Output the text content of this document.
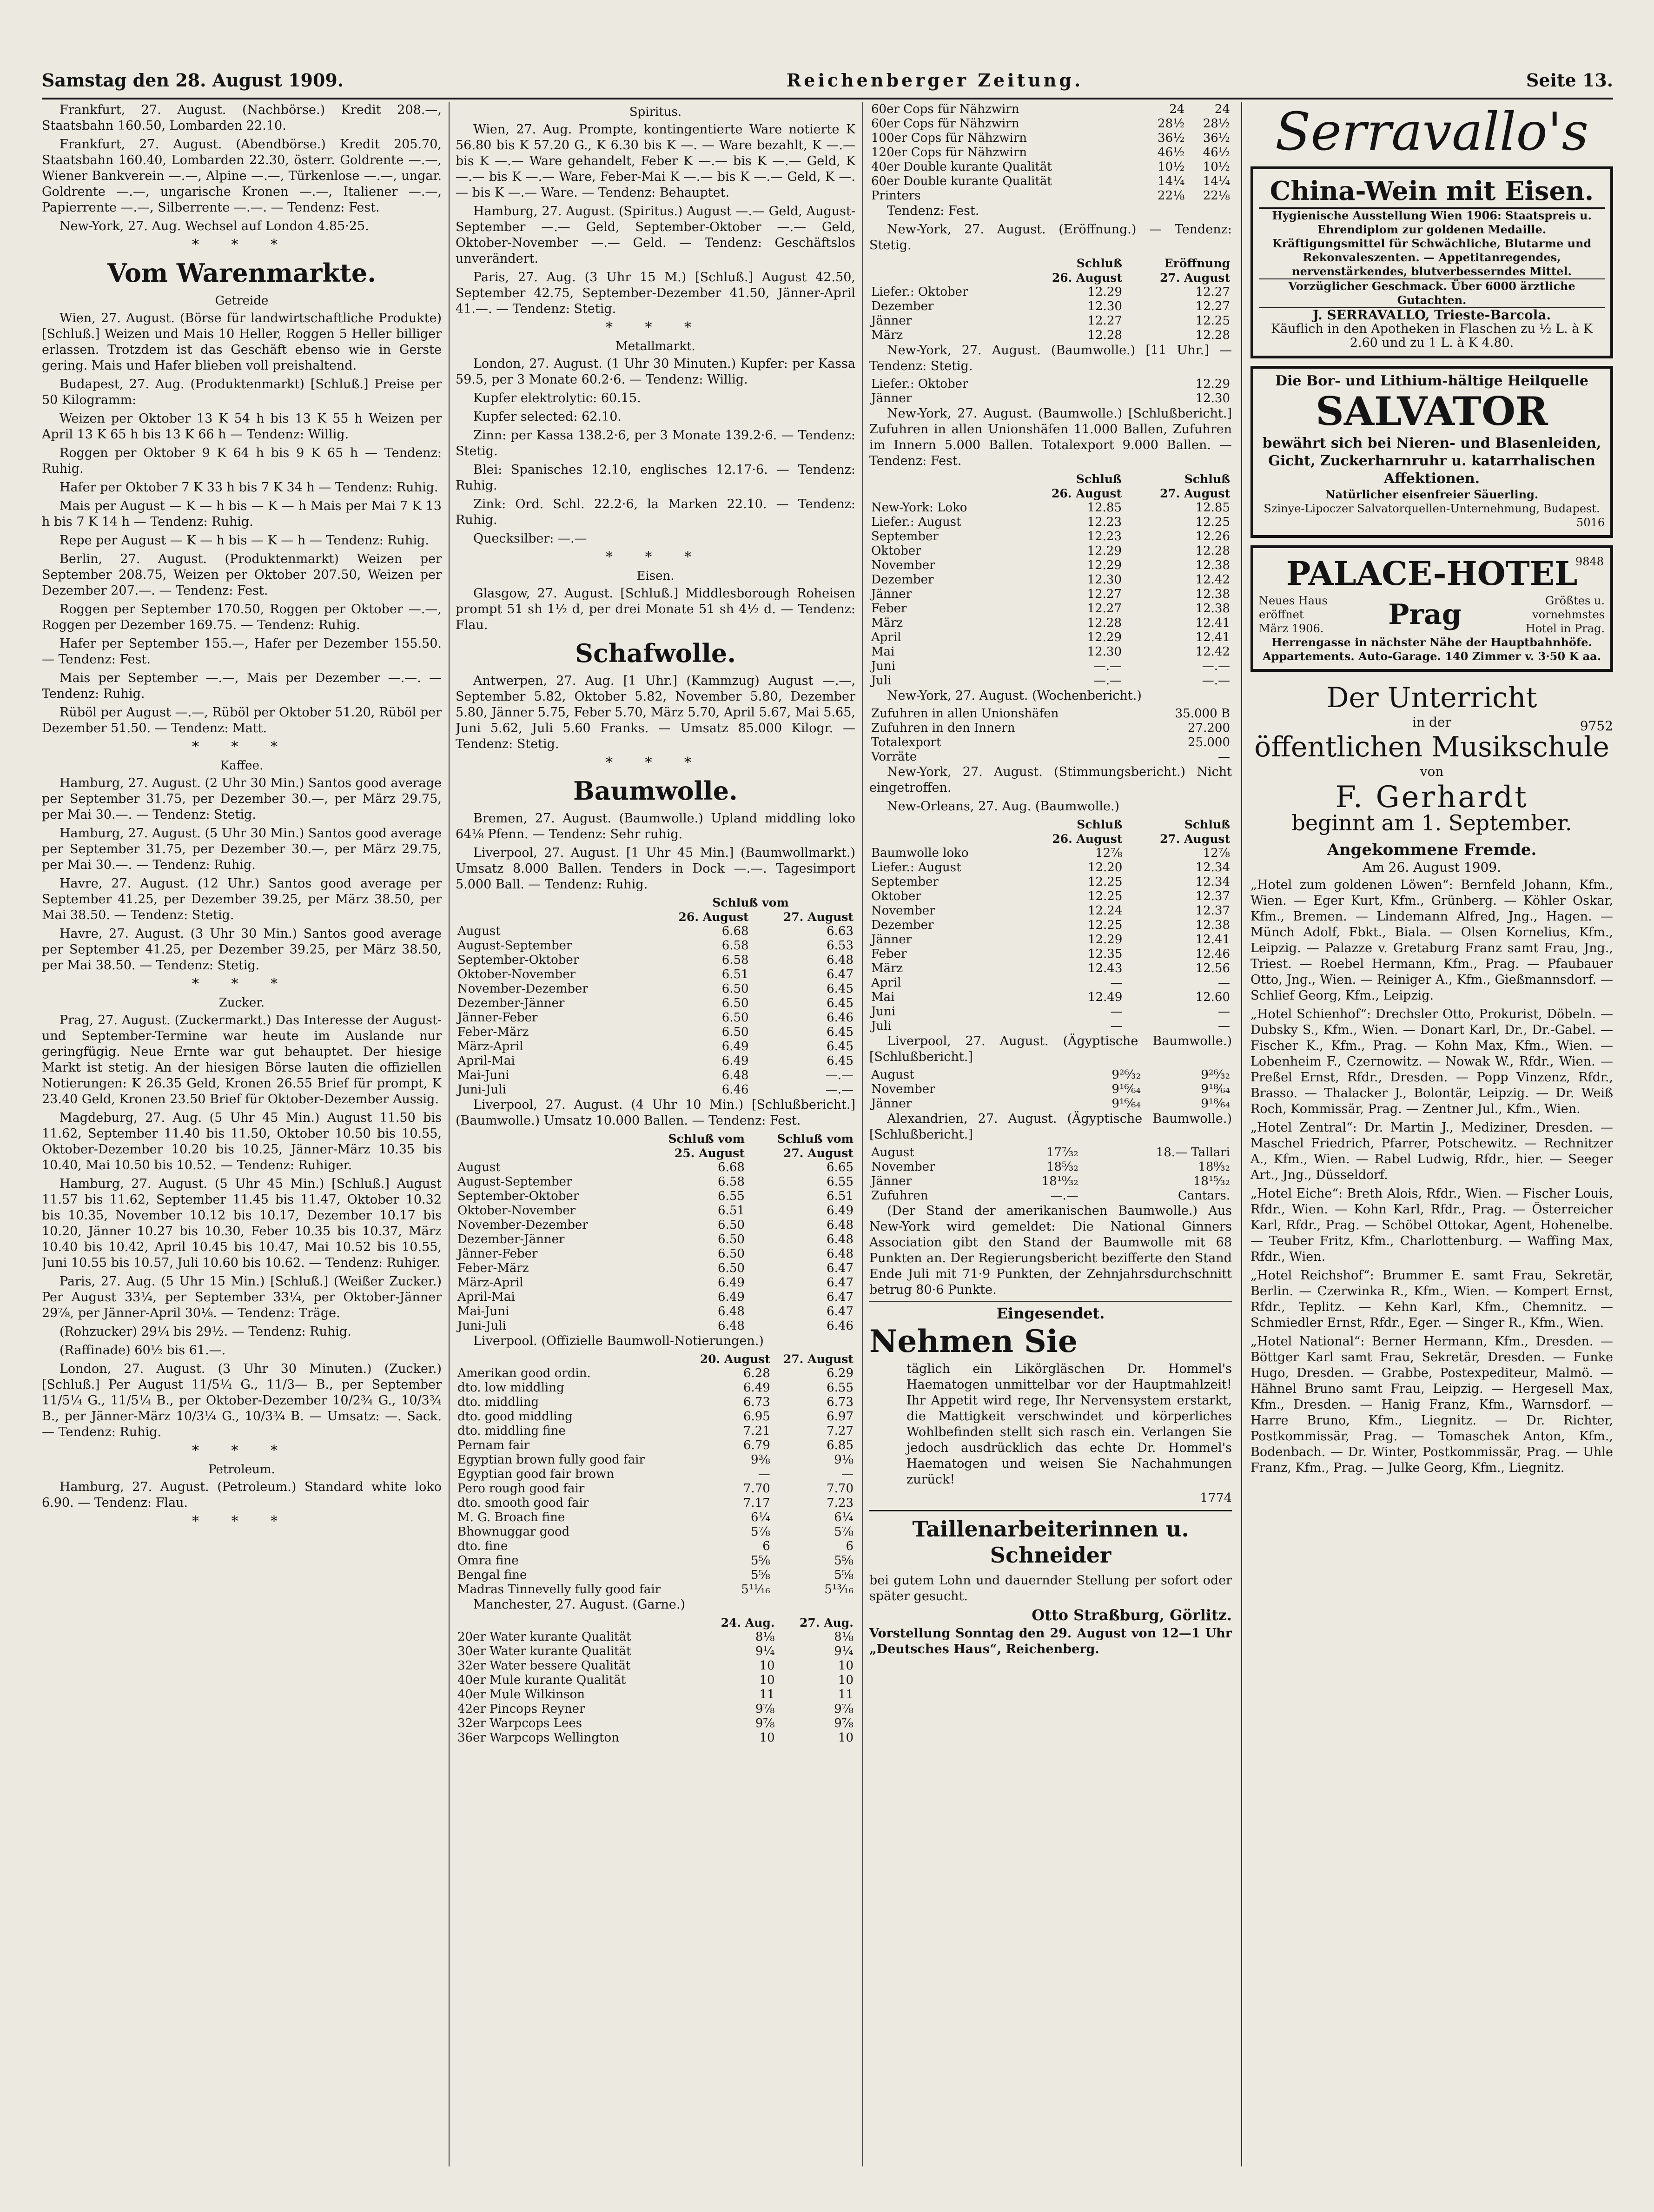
Samstag den 28. August 1909.	Reichenberger Zeitung.	Seite 13.

Frankfurt, 27. August. (Nachbörse.) Kredit 208.—, Staatsbahn 160.50, Lombarden 22.10.

Frankfurt, 27. August. (Abendbörse.) Kredit 205.70, Staatsbahn 160.40, Lombarden 22.30, österr. Goldrente —.—, Wiener Bankverein —.—, Alpine —.—, Türkenlose —.—, ungar. Goldrente —.—, ungarische Kronen —.—, Italiener —.—, Papierrente —.—, Silberrente —.—. — Tendenz: Fest.

New-York, 27. Aug. Wechsel auf London 4.85·25.

* * *
Vom Warenmarkte.
Getreide

Wien, 27. August. (Börse für landwirtschaftliche Produkte) [Schluß.] Weizen und Mais 10 Heller, Roggen 5 Heller billiger erlassen. Trotzdem ist das Geschäft ebenso wie in Gerste gering. Mais und Hafer blieben voll preishaltend.

Budapest, 27. Aug. (Produktenmarkt) [Schluß.] Preise per 50 Kilogramm:

Weizen per Oktober 13 K 54 h bis 13 K 55 h Weizen per April 13 K 65 h bis 13 K 66 h — Tendenz: Willig.

Roggen per Oktober 9 K 64 h bis 9 K 65 h — Tendenz: Ruhig.

Hafer per Oktober 7 K 33 h bis 7 K 34 h — Tendenz: Ruhig.

Mais per August — K — h bis — K — h Mais per Mai 7 K 13 h bis 7 K 14 h — Tendenz: Ruhig.

Repe per August — K — h bis — K — h — Tendenz: Ruhig.

Berlin, 27. August. (Produktenmarkt) Weizen per September 208.75, Weizen per Oktober 207.50, Weizen per Dezember 207.—. — Tendenz: Fest.

Roggen per September 170.50, Roggen per Oktober —.—, Roggen per Dezember 169.75. — Tendenz: Ruhig.

Hafer per September 155.—, Hafer per Dezember 155.50. — Tendenz: Fest.

Mais per September —.—, Mais per Dezember —.—. — Tendenz: Ruhig.

Rüböl per August —.—, Rüböl per Oktober 51.20, Rüböl per Dezember 51.50. — Tendenz: Matt.

* * *
Kaffee.

Hamburg, 27. August. (2 Uhr 30 Min.) Santos good average per September 31.75, per Dezember 30.—, per März 29.75, per Mai 30.—. — Tendenz: Stetig.

Hamburg, 27. August. (5 Uhr 30 Min.) Santos good average per September 31.75, per Dezember 30.—, per März 29.75, per Mai 30.—. — Tendenz: Ruhig.

Havre, 27. August. (12 Uhr.) Santos good average per September 41.25, per Dezember 39.25, per März 38.50, per Mai 38.50. — Tendenz: Stetig.

Havre, 27. August. (3 Uhr 30 Min.) Santos good average per September 41.25, per Dezember 39.25, per März 38.50, per Mai 38.50. — Tendenz: Stetig.

* * *
Zucker.

Prag, 27. August. (Zuckermarkt.) Das Interesse der August- und September-Termine war heute im Auslande nur geringfügig. Neue Ernte war gut behauptet. Der hiesige Markt ist stetig. An der hiesigen Börse lauten die offiziellen Notierungen: K 26.35 Geld, Kronen 26.55 Brief für prompt, K 23.40 Geld, Kronen 23.50 Brief für Oktober-Dezember Aussig.

Magdeburg, 27. Aug. (5 Uhr 45 Min.) August 11.50 bis 11.62, September 11.40 bis 11.50, Oktober 10.50 bis 10.55, Oktober-Dezember 10.20 bis 10.25, Jänner-März 10.35 bis 10.40, Mai 10.50 bis 10.52. — Tendenz: Ruhiger.

Hamburg, 27. August. (5 Uhr 45 Min.) [Schluß.] August 11.57 bis 11.62, September 11.45 bis 11.47, Oktober 10.32 bis 10.35, November 10.12 bis 10.17, Dezember 10.17 bis 10.20, Jänner 10.27 bis 10.30, Feber 10.35 bis 10.37, März 10.40 bis 10.42, April 10.45 bis 10.47, Mai 10.52 bis 10.55, Juni 10.55 bis 10.57, Juli 10.60 bis 10.62. — Tendenz: Ruhiger.

Paris, 27. Aug. (5 Uhr 15 Min.) [Schluß.] (Weißer Zucker.) Per August 33¼, per September 33¼, per Oktober-Jänner 29⅞, per Jänner-April 30⅛. — Tendenz: Träge.

(Rohzucker) 29¼ bis 29½. — Tendenz: Ruhig.

(Raffinade) 60½ bis 61.—.

London, 27. August. (3 Uhr 30 Minuten.) (Zucker.) [Schluß.] Per August 11/5¼ G., 11/3— B., per September 11/5¼ G., 11/5¼ B., per Oktober-Dezember 10/2¾ G., 10/3¾ B., per Jänner-März 10/3¼ G., 10/3¾ B. — Umsatz: —. Sack. — Tendenz: Ruhig.

* * *
Petroleum.

Hamburg, 27. August. (Petroleum.) Standard white loko 6.90. — Tendenz: Flau.

* * *
Spiritus.

Wien, 27. Aug. Prompte, kontingentierte Ware notierte K 56.80 bis K 57.20 G., K 6.30 bis K —. — Ware bezahlt, K —.— bis K —.— Ware gehandelt, Feber K —.— bis K —.— Geld, K —.— bis K —.— Ware, Feber-Mai K —.— bis K —.— Geld, K —.— bis K —.— Ware. — Tendenz: Behauptet.

Hamburg, 27. August. (Spiritus.) August —.— Geld, August-September —.— Geld, September-Oktober —.— Geld, Oktober-November —.— Geld. — Tendenz: Geschäftslos unverändert.

Paris, 27. Aug. (3 Uhr 15 M.) [Schluß.] August 42.50, September 42.75, September-Dezember 41.50, Jänner-April 41.—. — Tendenz: Stetig.

* * *
Metallmarkt.

London, 27. August. (1 Uhr 30 Minuten.) Kupfer: per Kassa 59.5, per 3 Monate 60.2·6. — Tendenz: Willig.

Kupfer elektrolytic: 60.15.

Kupfer selected: 62.10.

Zinn: per Kassa 138.2·6, per 3 Monate 139.2·6. — Tendenz: Stetig.

Blei: Spanisches 12.10, englisches 12.17·6. — Tendenz: Ruhig.

Zink: Ord. Schl. 22.2·6, la Marken 22.10. — Tendenz: Ruhig.

Quecksilber: —.—

* * *
Eisen.

Glasgow, 27. August. [Schluß.] Middlesborough Roheisen prompt 51 sh 1½ d, per drei Monate 51 sh 4½ d. — Tendenz: Flau.

Schafwolle.

Antwerpen, 27. Aug. [1 Uhr.] (Kammzug) August —.—, September 5.82, Oktober 5.82, November 5.80, Dezember 5.80, Jänner 5.75, Feber 5.70, März 5.70, April 5.67, Mai 5.65, Juni 5.62, Juli 5.60 Franks. — Umsatz 85.000 Kilogr. — Tendenz: Stetig.

* * *
Baumwolle.

Bremen, 27. August. (Baumwolle.) Upland middling loko 64⅛ Pfenn. — Tendenz: Sehr ruhig.

Liverpool, 27. August. [1 Uhr 45 Min.] (Baumwollmarkt.) Umsatz 8.000 Ballen. Tenders in Dock —.—. Tagesimport 5.000 Ball. — Tendenz: Ruhig.

	Schluß vom	
	26. August	27. August
August	6.68	6.63
August-September	6.58	6.53
September-Oktober	6.58	6.48
Oktober-November	6.51	6.47
November-Dezember	6.50	6.45
Dezember-Jänner	6.50	6.45
Jänner-Feber	6.50	6.46
Feber-März	6.50	6.45
März-April	6.49	6.45
April-Mai	6.49	6.45
Mai-Juni	6.48	—.—
Juni-Juli	6.46	—.—

Liverpool, 27. August. (4 Uhr 10 Min.) [Schlußbericht.] (Baumwolle.) Umsatz 10.000 Ballen. — Tendenz: Fest.

	Schluß vom	Schluß vom
	25. August	27. August
August	6.68	6.65
August-September	6.58	6.55
September-Oktober	6.55	6.51
Oktober-November	6.51	6.49
November-Dezember	6.50	6.48
Dezember-Jänner	6.50	6.48
Jänner-Feber	6.50	6.48
Feber-März	6.50	6.47
März-April	6.49	6.47
April-Mai	6.49	6.47
Mai-Juni	6.48	6.47
Juni-Juli	6.48	6.46

Liverpool. (Offizielle Baumwoll-Notierungen.)

	20. August	27. August
Amerikan good ordin.	6.28	6.29
dto. low middling	6.49	6.55
dto. middling	6.73	6.73
dto. good middling	6.95	6.97
dto. middling fine	7.21	7.27
Pernam fair	6.79	6.85
Egyptian brown fully good fair	9⅜	9⅛
Egyptian good fair brown	—	—
Pero rough good fair	7.70	7.70
dto. smooth good fair	7.17	7.23
M. G. Broach fine	6¼	6¼
Bhownuggar good	5⅞	5⅞
dto. fine	6	6
Omra fine	5⅝	5⅝
Bengal fine	5⅝	5⅝
Madras Tinnevelly fully good fair	5¹¹⁄₁₆	5¹³⁄₁₆

Manchester, 27. August. (Garne.)

	24. Aug.	27. Aug.
20er Water kurante Qualität	8⅛	8⅛
30er Water kurante Qualität	9¼	9¼
32er Water bessere Qualität	10	10
40er Mule kurante Qualität	10	10
40er Mule Wilkinson	11	11
42er Pincops Reyner	9⅞	9⅞
32er Warpcops Lees	9⅞	9⅞
36er Warpcops Wellington	10	10
60er Cops für Nähzwirn	24	24
60er Cops für Nähzwirn	28½	28½
100er Cops für Nähzwirn	36½	36½
120er Cops für Nähzwirn	46½	46½
40er Double kurante Qualität	10½	10½
60er Double kurante Qualität	14¼	14¼
Printers	22⅛	22⅛

Tendenz: Fest.

New-York, 27. August. (Eröffnung.) — Tendenz: Stetig.

	Schluß	Eröffnung
	26. August	27. August
Liefer.: Oktober	12.29	12.27
Dezember	12.30	12.27
Jänner	12.27	12.25
März	12.28	12.28

New-York, 27. August. (Baumwolle.) [11 Uhr.] — Tendenz: Stetig.

Liefer.: Oktober	12.29
Jänner	12.30

New-York, 27. August. (Baumwolle.) [Schlußbericht.] Zufuhren in allen Unionshäfen 11.000 Ballen, Zufuhren im Innern 5.000 Ballen. Totalexport 9.000 Ballen. — Tendenz: Fest.

	Schluß	Schluß
	26. August	27. August
New-York: Loko	12.85	12.85
Liefer.: August	12.23	12.25
September	12.23	12.26
Oktober	12.29	12.28
November	12.29	12.38
Dezember	12.30	12.42
Jänner	12.27	12.38
Feber	12.27	12.38
März	12.28	12.41
April	12.29	12.41
Mai	12.30	12.42
Juni	—.—	—.—
Juli	—.—	—.—

New-York, 27. August. (Wochenbericht.)

Zufuhren in allen Unionshäfen	35.000 B
Zufuhren in den Innern	27.200
Totalexport	25.000
Vorräte	—

New-York, 27. August. (Stimmungsbericht.) Nicht eingetroffen.

New-Orleans, 27. Aug. (Baumwolle.)

	Schluß	Schluß
	26. August	27. August
Baumwolle loko	12⅞	12⅞
Liefer.: August	12.20	12.34
September	12.25	12.34
Oktober	12.25	12.37
November	12.24	12.37
Dezember	12.25	12.38
Jänner	12.29	12.41
Feber	12.35	12.46
März	12.43	12.56
April	—	—
Mai	12.49	12.60
Juni	—	—
Juli	—	—

Liverpool, 27. August. (Ägyptische Baumwolle.) [Schlußbericht.]

August	9²⁶⁄₃₂	9²⁶⁄₃₂
November	9¹⁶⁄₆₄	9¹⁸⁄₆₄
Jänner	9¹⁶⁄₆₄	9¹⁸⁄₆₄

Alexandrien, 27. August. (Ägyptische Baumwolle.) [Schlußbericht.]

August	17⁷⁄₃₂	18.— Tallari
November	18⁵⁄₃₂	18⁸⁄₃₂
Jänner	18¹⁰⁄₃₂	18¹⁵⁄₃₂
Zufuhren	—.—	Cantars.

(Der Stand der amerikanischen Baumwolle.) Aus New-York wird gemeldet: Die National Ginners Association gibt den Stand der Baumwolle mit 68 Punkten an. Der Regierungsbericht bezifferte den Stand Ende Juli mit 71·9 Punkten, der Zehnjahrsdurchschnitt betrug 80·6 Punkte.

Eingesendet.
Nehmen Sie

täglich ein Likörgläschen Dr. Hommel's Haematogen unmittelbar vor der Hauptmahlzeit! Ihr Appetit wird rege, Ihr Nervensystem erstarkt, die Mattigkeit verschwindet und körperliches Wohlbefinden stellt sich rasch ein. Verlangen Sie jedoch ausdrücklich das echte Dr. Hommel's Haematogen und weisen Sie Nachahmungen zurück!

1774

Taillenarbeiterinnen u. Schneider

bei gutem Lohn und dauernder Stellung per sofort oder später gesucht.

Otto Straßburg, Görlitz.

Vorstellung Sonntag den 29. August von 12—1 Uhr „Deutsches Haus“, Reichenberg.

Serravallo's
China-Wein mit Eisen.
Hygienische Ausstellung Wien 1906: Staatspreis u. Ehrendiplom zur goldenen Medaille.
Kräftigungsmittel für Schwächliche, Blutarme und Rekonvaleszenten. — Appetitanregendes, nervenstärkendes, blutverbesserndes Mittel.
Vorzüglicher Geschmack. Über 6000 ärztliche Gutachten.
J. SERRAVALLO, Trieste-Barcola.
Käuflich in den Apotheken in Flaschen zu ½ L. à K 2.60 und zu 1 L. à K 4.80.
Die Bor- und Lithium-hältige Heilquelle
SALVATOR
bewährt sich bei Nieren- und Blasenleiden, Gicht, Zuckerharnruhr u. katarrhalischen Affektionen.
Natürlicher eisenfreier Säuerling.
Szinye-Lipoczer Salvatorquellen-Unternehmung, Budapest.
5016
9848
PALACE-HOTEL
Neues Haus eröffnet März 1906. Prag	Größtes u. vornehmstes Hotel in Prag.
Herrengasse in nächster Nähe der Hauptbahnhöfe. Appartements. Auto-Garage. 140 Zimmer v. 3·50 K aa.
Der Unterricht
in der	9752
öffentlichen Musikschule
von
F. Gerhardt
beginnt am 1. September.
Angekommene Fremde.
Am 26. August 1909.

„Hotel zum goldenen Löwen“: Bernfeld Johann, Kfm., Wien. — Eger Kurt, Kfm., Grünberg. — Köhler Oskar, Kfm., Bremen. — Lindemann Alfred, Jng., Hagen. — Münch Adolf, Fbkt., Biala. — Olsen Kornelius, Kfm., Leipzig. — Palazze v. Gretaburg Franz samt Frau, Jng., Triest. — Roebel Hermann, Kfm., Prag. — Pfaubauer Otto, Jng., Wien. — Reiniger A., Kfm., Gießmannsdorf. — Schlief Georg, Kfm., Leipzig.

„Hotel Schienhof“: Drechsler Otto, Prokurist, Döbeln. — Dubsky S., Kfm., Wien. — Donart Karl, Dr., Dr.-Gabel. — Fischer K., Kfm., Prag. — Kohn Max, Kfm., Wien. — Lobenheim F., Czernowitz. — Nowak W., Rfdr., Wien. — Preßel Ernst, Rfdr., Dresden. — Popp Vinzenz, Rfdr., Brasso. — Thalacker J., Bolontär, Leipzig. — Dr. Weiß Roch, Kommissär, Prag. — Zentner Jul., Kfm., Wien.

„Hotel Zentral“: Dr. Martin J., Mediziner, Dresden. — Maschel Friedrich, Pfarrer, Potschewitz. — Rechnitzer A., Kfm., Wien. — Rabel Ludwig, Rfdr., hier. — Seeger Art., Jng., Düsseldorf.

„Hotel Eiche“: Breth Alois, Rfdr., Wien. — Fischer Louis, Rfdr., Wien. — Kohn Karl, Rfdr., Prag. — Österreicher Karl, Rfdr., Prag. — Schöbel Ottokar, Agent, Hohenelbe. — Teuber Fritz, Kfm., Charlottenburg. — Waffing Max, Rfdr., Wien.

„Hotel Reichshof“: Brummer E. samt Frau, Sekretär, Berlin. — Czerwinka R., Kfm., Wien. — Kompert Ernst, Rfdr., Teplitz. — Kehn Karl, Kfm., Chemnitz. — Schmiedler Ernst, Rfdr., Eger. — Singer R., Kfm., Wien.

„Hotel National“: Berner Hermann, Kfm., Dresden. — Böttger Karl samt Frau, Sekretär, Dresden. — Funke Hugo, Dresden. — Grabbe, Postexpediteur, Malmö. — Hähnel Bruno samt Frau, Leipzig. — Hergesell Max, Kfm., Dresden. — Hanig Franz, Kfm., Warnsdorf. — Harre Bruno, Kfm., Liegnitz. — Dr. Richter, Postkommissär, Prag. — Tomaschek Anton, Kfm., Bodenbach. — Dr. Winter, Postkommissär, Prag. — Uhle Franz, Kfm., Prag. — Julke Georg, Kfm., Liegnitz.
